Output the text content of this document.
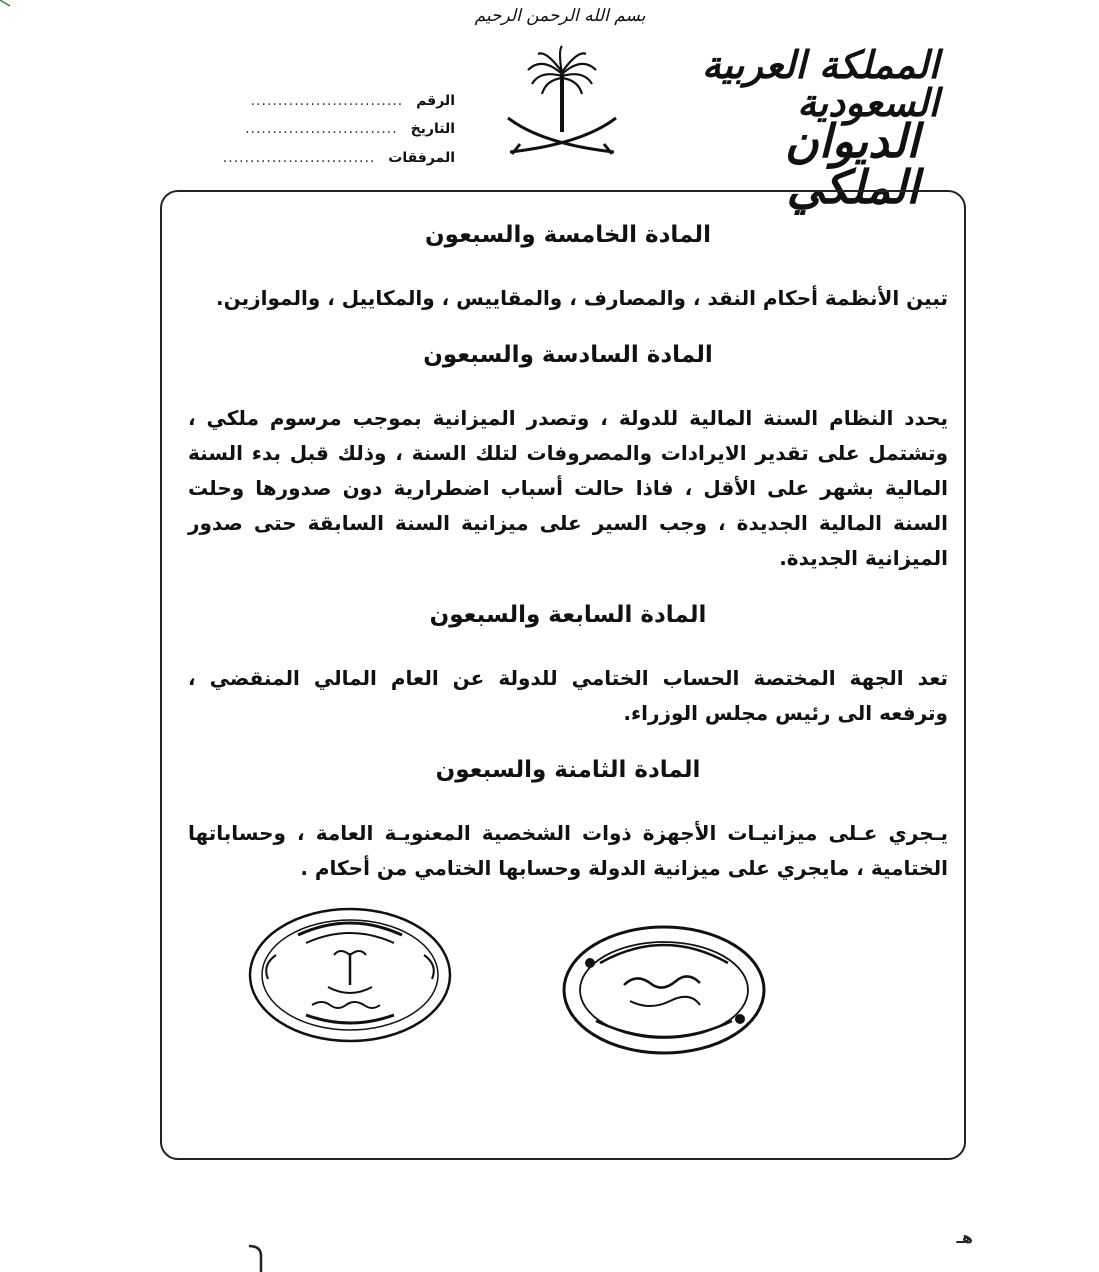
بسم الله الرحمن الرحيم
المملكة العربية السعودية
الديوان الملكي
الرقم ............................
التاريخ ............................
المرفقات ............................
المادة الخامسة والسبعون

تبين الأنظمة أحكام النقد ، والمصارف ، والمقاييس ، والمكاييل ، والموازين.

المادة السادسة والسبعون

يحدد النظام السنة المالية للدولة ، وتصدر الميزانية بموجب مرسوم ملكي ، وتشتمل على تقدير الايرادات والمصروفات لتلك السنة ، وذلك قبل بدء السنة المالية بشهر على الأقل ، فاذا حالت أسباب اضطرارية دون صدورها وحلت السنة المالية الجديدة ، وجب السير على ميزانية السنة السابقة حتى صدور الميزانية الجديدة.

المادة السابعة والسبعون

تعد الجهة المختصة الحساب الختامي للدولة عن العام المالي المنقضي ، وترفعه الى رئيس مجلس الوزراء.

المادة الثامنة والسبعون

يـجري عـلى ميزانيـات الأجهزة ذوات الشخصية المعنويـة العامة ، وحساباتها الختامية ، مايجري على ميزانية الدولة وحسابها الختامي من أحكام .

هـ
